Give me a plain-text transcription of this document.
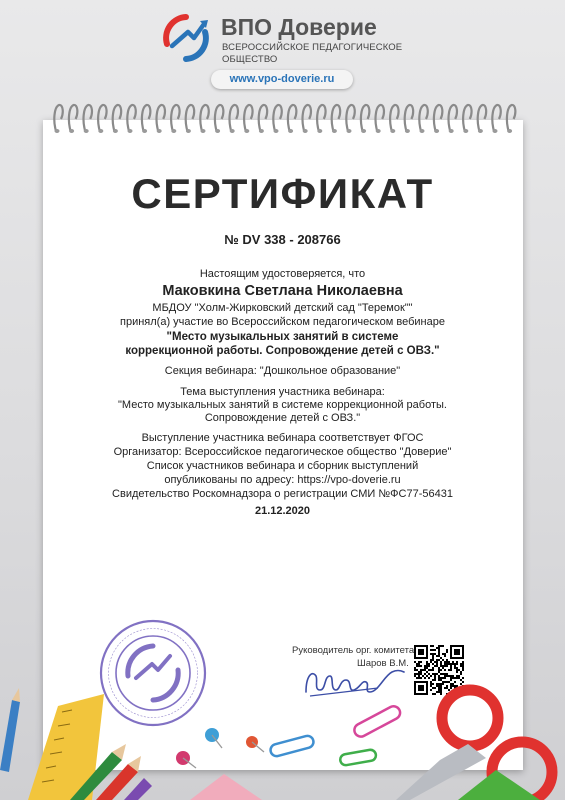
ВПО Доверие
ВСЕРОССИЙСКОЕ ПЕДАГОГИЧЕСКОЕ
ОБЩЕСТВО
www.vpo-doverie.ru
СЕРТИФИКАТ
№ DV 338 - 208766
Настоящим удостоверяется, что
Маковкина Светлана Николаевна
МБДОУ "Холм-Жирковский детский сад "Теремок""
принял(а) участие во Всероссийском педагогическом вебинаре
"Место музыкальных занятий в системе
коррекционной работы. Сопровождение детей с ОВЗ."
Секция вебинара: "Дошкольное образование"
Тема выступления участника вебинара:
"Место музыкальных занятий в системе коррекционной работы.
Сопровождение детей с ОВЗ."
Выступление участника вебинара соответствует ФГОС
Организатор: Всероссийское педагогическое общество "Доверие"
Список участников вебинара и сборник выступлений
опубликованы по адресу: https://vpo-doverie.ru
Свидетельство Роскомнадзора о регистрации СМИ №ФС77-56431
21.12.2020
Руководитель орг. комитета
Шаров В.М.
